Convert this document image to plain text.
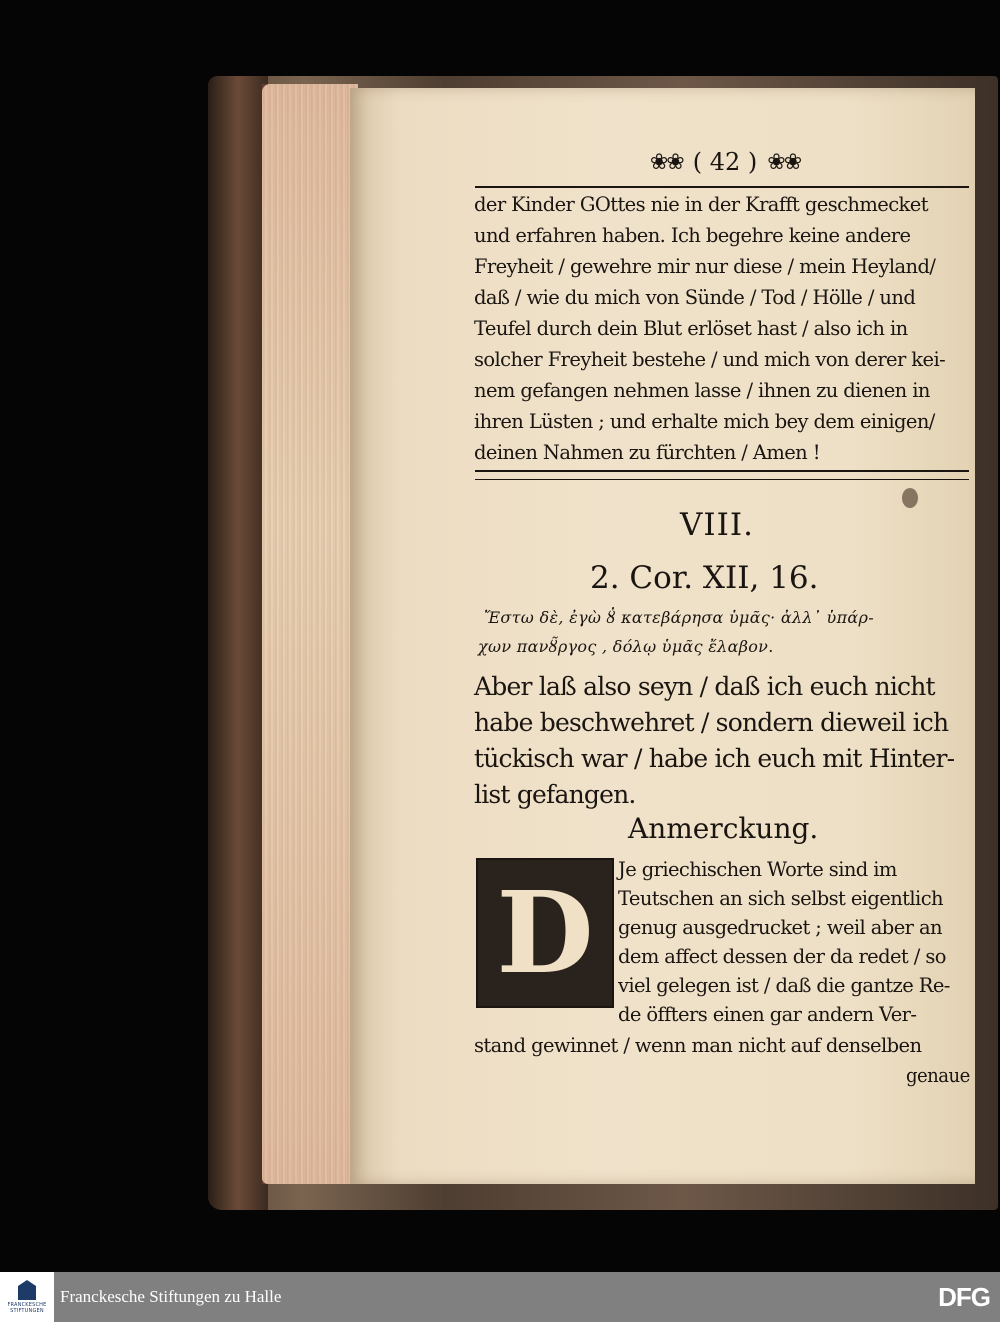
❀❀ ( 42 ) ❀❀

der Kinder GOttes nie in der Krafft geschmecket

und erfahren haben. Ich begehre keine andere

Freyheit / gewehre mir nur diese / mein Heyland/

daß / wie du mich von Sünde / Tod / Hölle / und

Teufel durch dein Blut erlöset hast / also ich in

solcher Freyheit bestehe / und mich von derer kei-

nem gefangen nehmen lasse / ihnen zu dienen in

ihren Lüsten ; und erhalte mich bey dem einigen/

deinen Nahmen zu fürchten / Amen !

VIII.
2. Cor. XII, 16.

Ἔστω δὲ, ἐγὼ ȣ̓ κατεβάρησα ὑμᾶς· ἀλλ᾽ ὑπάρ-

χων πανȣ̃ργος , δόλῳ ὑμᾶς ἔλαβον.

Aber laß also seyn / daß ich euch nicht

habe beschwehret / sondern dieweil ich

tückisch war / habe ich euch mit Hinter-

list gefangen.

Anmerckung.
D	Je griechischen Worte sind im

Teutschen an sich selbst eigentlich

genug ausgedrucket ; weil aber an

dem affect dessen der da redet / so

viel gelegen ist / daß die gantze Re-

de öffters einen gar andern Ver-

stand gewinnet / wenn man nicht auf denselben

genaue

FRANCKESCHE
STIFTUNGEN
Franckesche Stiftungen zu Halle	DFG
